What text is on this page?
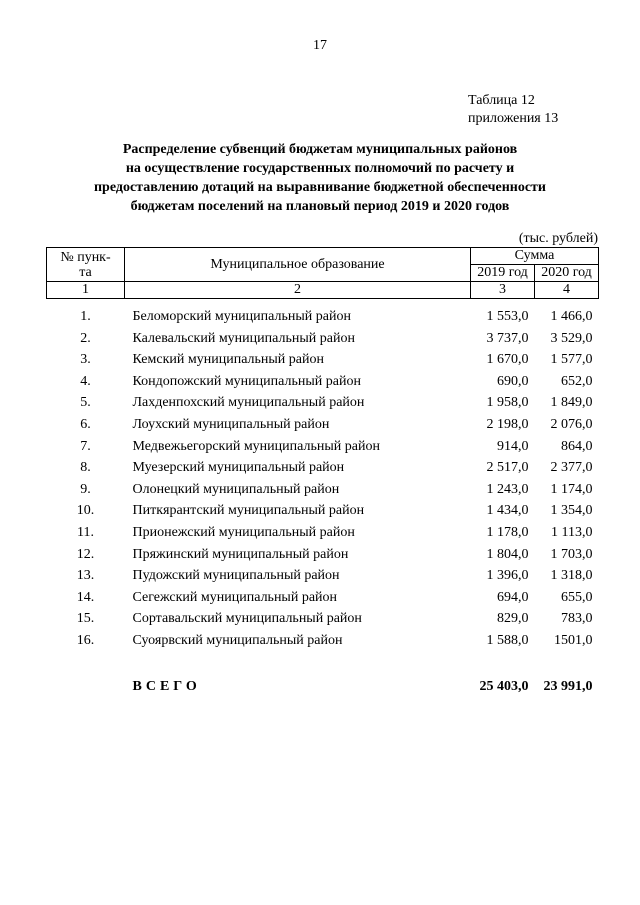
17
Таблица 12
приложения 13
Распределение субвенций бюджетам муниципальных районов
на осуществление государственных полномочий по расчету и
предоставлению дотаций на выравнивание бюджетной обеспеченности
бюджетам поселений на плановый период 2019 и 2020 годов
(тыс. рублей)
№ пунк-
та	Муниципальное образование	Сумма	
		2019 год	2020 год
1	2	3	4
1.	Беломорский муниципальный район	1 553,0	1 466,0
2.	Калевальский муниципальный район	3 737,0	3 529,0
3.	Кемский муниципальный район	1 670,0	1 577,0
4.	Кондопожский муниципальный район	690,0	652,0
5.	Лахденпохский муниципальный район	1 958,0	1 849,0
6.	Лоухский муниципальный район	2 198,0	2 076,0
7.	Медвежьегорский муниципальный район	914,0	864,0
8.	Муезерский муниципальный район	2 517,0	2 377,0
9.	Олонецкий муниципальный район	1 243,0	1 174,0
10.	Питкярантский муниципальный район	1 434,0	1 354,0
11.	Прионежский муниципальный район	1 178,0	1 113,0
12.	Пряжинский муниципальный район	1 804,0	1 703,0
13.	Пудожский муниципальный район	1 396,0	1 318,0
14.	Сегежский муниципальный район	694,0	655,0
15.	Сортавальский муниципальный район	829,0	783,0
16.	Суоярвский муниципальный район	1 588,0	1501,0
	ВСЕГО	25 403,0	23 991,0
